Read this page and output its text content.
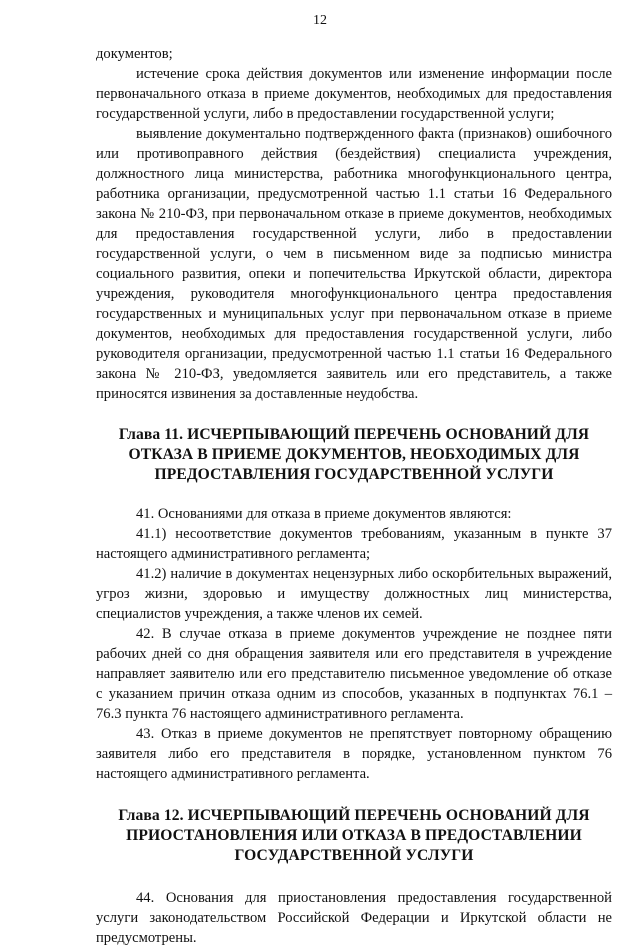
12

документов;

истечение срока действия документов или изменение информации после первоначального отказа в приеме документов, необходимых для предоставления государственной услуги, либо в предоставлении государственной услуги;

выявление документально подтвержденного факта (признаков) ошибочного или противоправного действия (бездействия) специалиста учреждения, должностного лица министерства, работника многофункционального центра, работника организации, предусмотренной частью 1.1 статьи 16 Федерального закона № 210-ФЗ, при первоначальном отказе в приеме документов, необходимых для предоставления государственной услуги, либо в предоставлении государственной услуги, о чем в письменном виде за подписью министра социального развития, опеки и попечительства Иркутской области, директора учреждения, руководителя многофункционального центра предоставления государственных и муниципальных услуг при первоначальном отказе в приеме документов, необходимых для предоставления государственной услуги, либо руководителя организации, предусмотренной частью 1.1 статьи 16 Федерального закона № 210-ФЗ, уведомляется заявитель или его представитель, а также приносятся извинения за доставленные неудобства.

Глава 11. ИСЧЕРПЫВАЮЩИЙ ПЕРЕЧЕНЬ ОСНОВАНИЙ ДЛЯ ОТКАЗА В ПРИЕМЕ ДОКУМЕНТОВ, НЕОБХОДИМЫХ ДЛЯ ПРЕДОСТАВЛЕНИЯ ГОСУДАРСТВЕННОЙ УСЛУГИ

41. Основаниями для отказа в приеме документов являются:

41.1) несоответствие документов требованиям, указанным в пункте 37 настоящего административного регламента;

41.2) наличие в документах нецензурных либо оскорбительных выражений, угроз жизни, здоровью и имуществу должностных лиц министерства, специалистов учреждения, а также членов их семей.

42. В случае отказа в приеме документов учреждение не позднее пяти рабочих дней со дня обращения заявителя или его представителя в учреждение направляет заявителю или его представителю письменное уведомление об отказе с указанием причин отказа одним из способов, указанных в подпунктах 76.1 – 76.3 пункта 76 настоящего административного регламента.

43. Отказ в приеме документов не препятствует повторному обращению заявителя либо его представителя в порядке, установленном пунктом 76 настоящего административного регламента.

Глава 12. ИСЧЕРПЫВАЮЩИЙ ПЕРЕЧЕНЬ ОСНОВАНИЙ ДЛЯ ПРИОСТАНОВЛЕНИЯ ИЛИ ОТКАЗА В ПРЕДОСТАВЛЕНИИ ГОСУДАРСТВЕННОЙ УСЛУГИ

44. Основания для приостановления предоставления государственной услуги законодательством Российской Федерации и Иркутской области не предусмотрены.
